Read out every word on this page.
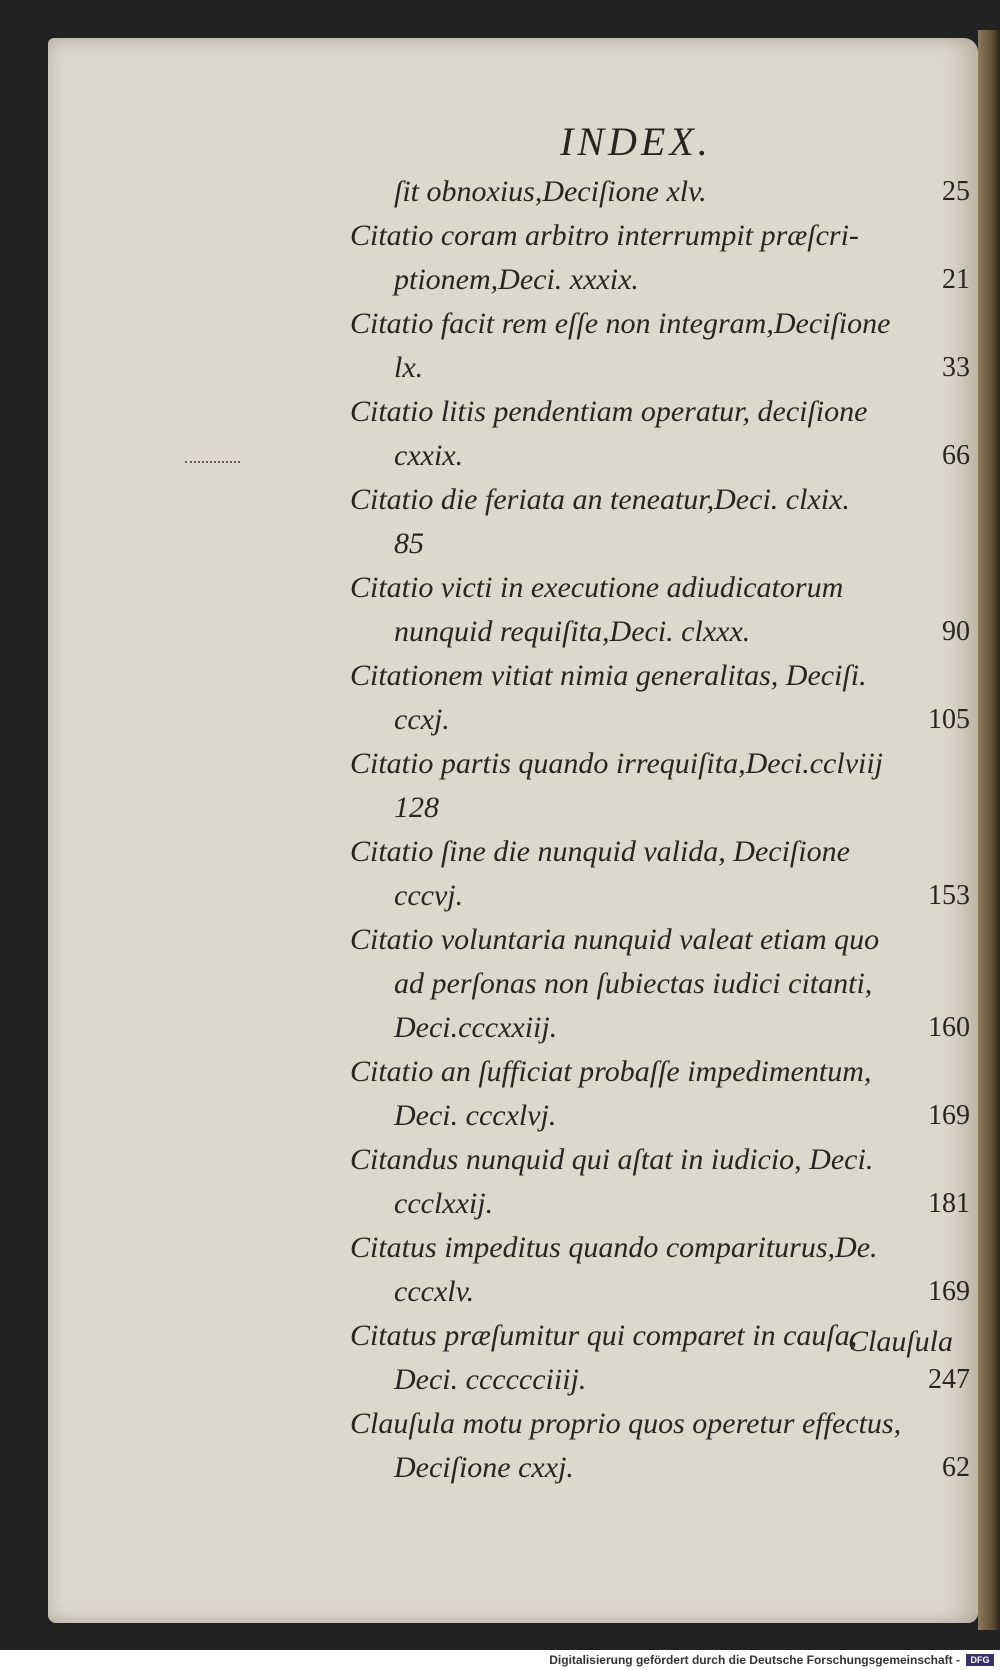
INDEX.
ſit obnoxius,Deciſione xlv.	25
Citatio coram arbitro interrumpit præſcri-
ptionem,Deci. xxxix.	21
Citatio facit rem eſſe non integram,Deciſione
lx.	33
Citatio litis pendentiam operatur, deciſione
cxxix.	66
Citatio die feriata an teneatur,Deci. clxix.
85
Citatio victi in executione adiudicatorum
nunquid requiſita,Deci. clxxx.	90
Citationem vitiat nimia generalitas, Deciſi.
ccxj.	105
Citatio partis quando irrequiſita,Deci.cclviij
128
Citatio ſine die nunquid valida, Deciſione
cccvj.	153
Citatio voluntaria nunquid valeat etiam quo
ad perſonas non ſubiectas iudici citanti,
Deci.cccxxiij.	160
Citatio an ſufficiat probaſſe impedimentum,
Deci. cccxlvj.	169
Citandus nunquid qui aſtat in iudicio, Deci.
ccclxxij.	181
Citatus impeditus quando compariturus,De.
cccxlv.	169
Citatus præſumitur qui comparet in cauſa,
Deci. cccccciiij.	247
Clauſula motu proprio quos operetur effectus,
Deciſione cxxj.	62
Clauſula
Digitalisierung gefördert durch die Deutsche Forschungsgemeinschaft -	DFG
